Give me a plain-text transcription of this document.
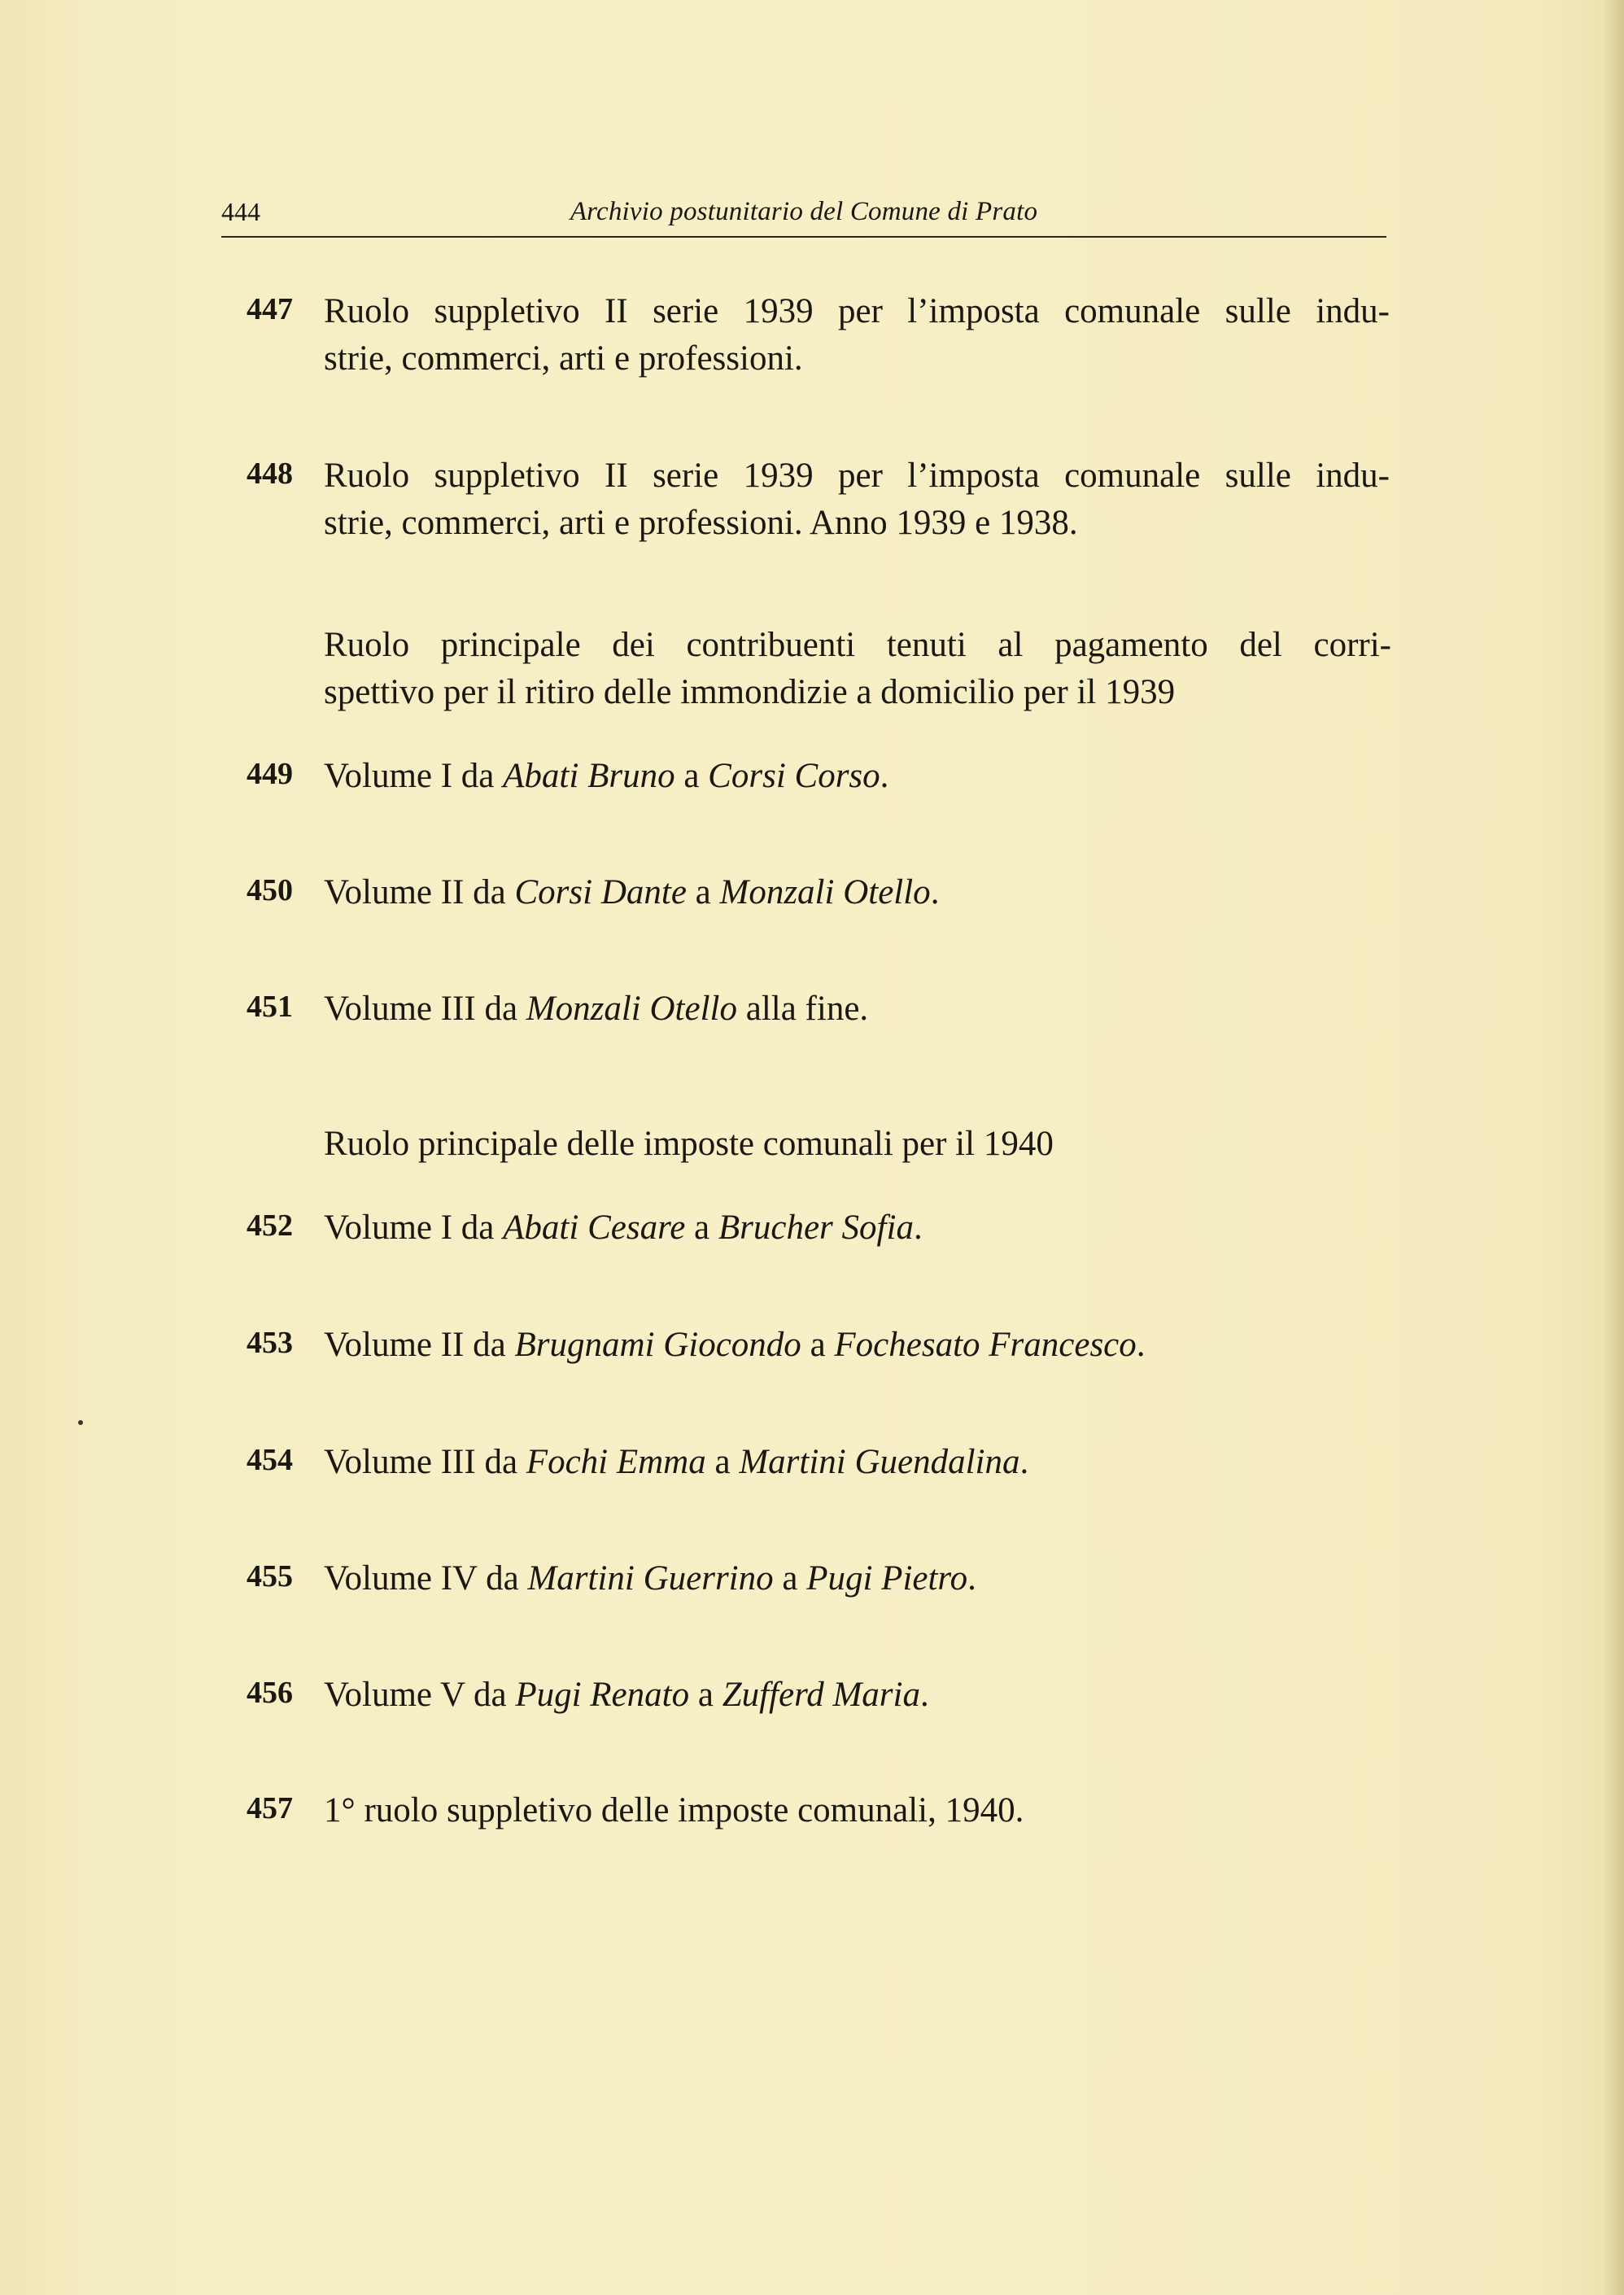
444	Archivio postunitario del Comune di Prato
447 Ruolo suppletivo II serie 1939 per l’imposta comunale sulle indu-
strie, commerci, arti e professioni.
448 Ruolo suppletivo II serie 1939 per l’imposta comunale sulle indu-
strie, commerci, arti e professioni. Anno 1939 e 1938.
Ruolo principale dei contribuenti tenuti al pagamento del corri-
spettivo per il ritiro delle immondizie a domicilio per il 1939
449 Volume I da Abati Bruno a Corsi Corso.
450 Volume II da Corsi Dante a Monzali Otello.
451 Volume III da Monzali Otello alla fine.
Ruolo principale delle imposte comunali per il 1940
452 Volume I da Abati Cesare a Brucher Sofia.
453 Volume II da Brugnami Giocondo a Fochesato Francesco.
454 Volume III da Fochi Emma a Martini Guendalina.
455 Volume IV da Martini Guerrino a Pugi Pietro.
456 Volume V da Pugi Renato a Zufferd Maria.
457 1° ruolo suppletivo delle imposte comunali, 1940.
